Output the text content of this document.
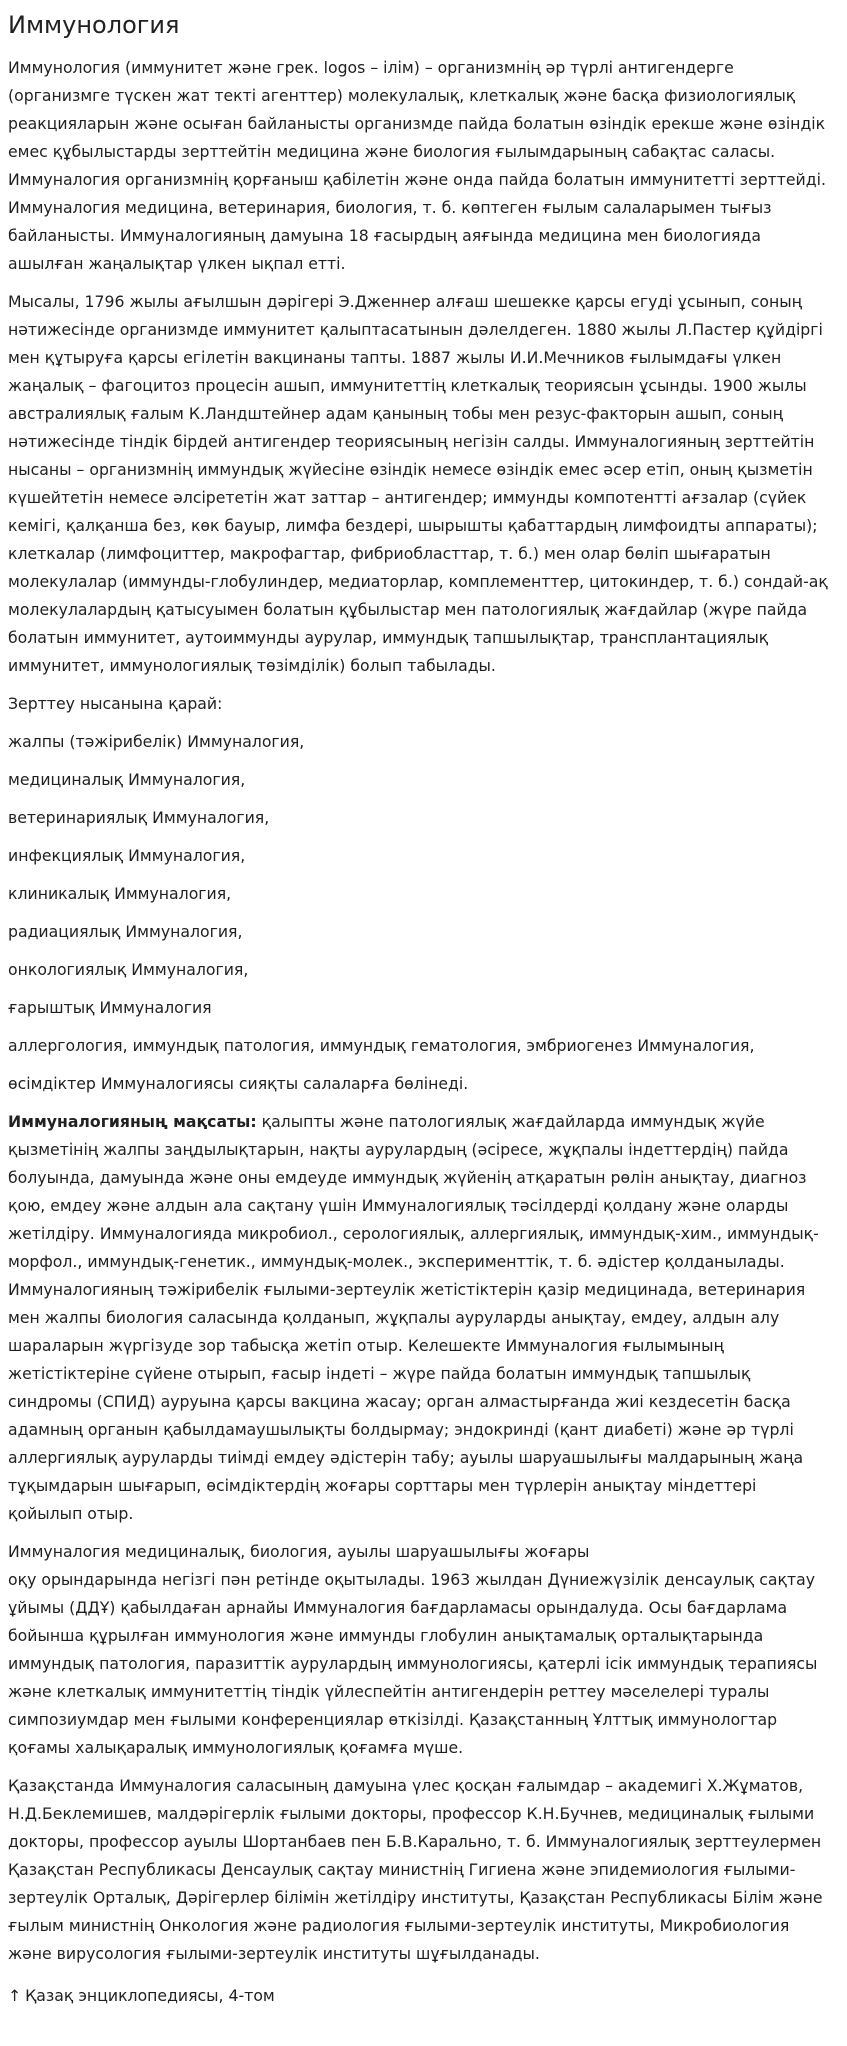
Иммунология

Иммунология (иммунитет және грек. logos – ілім) – организмнің әр түрлі антигендерге (организмге түскен жат текті агенттер) молекулалық, клеткалық және басқа физиологиялық реакцияларын және осыған байланысты организмде пайда болатын өзіндік ерекше және өзіндік емес құбылыстарды зерттейтін медицина және биология ғылымдарының сабақтас саласы. Иммуналогия организмнің қорғаныш қабілетін және онда пайда болатын иммунитетті зерттейді. Иммуналогия медицина, ветеринария, биология, т. б. көптеген ғылым салаларымен тығыз байланысты. Иммуналогияның дамуына 18 ғасырдың аяғында медицина мен биологияда ашылған жаңалықтар үлкен ықпал етті.

Мысалы, 1796 жылы ағылшын дәрігері Э.Дженнер алғаш шешекке қарсы егуді ұсынып, соның нәтижесінде организмде иммунитет қалыптасатынын дәлелдеген. 1880 жылы Л.Пастер құйдіргі мен құтыруға қарсы егілетін вакцинаны тапты. 1887 жылы И.И.Мечников ғылымдағы үлкен жаңалық – фагоцитоз процесін ашып, иммунитеттің клеткалық теориясын ұсынды. 1900 жылы австралиялық ғалым К.Ландштейнер адам қанының тобы мен резус-факторын ашып, соның нәтижесінде тіндік бірдей антигендер теориясының негізін салды. Иммуналогияның зерттейтін нысаны – организмнің иммундық жүйесіне өзіндік немесе өзіндік емес әсер етіп, оның қызметін күшейтетін немесе әлсірететін жат заттар – антигендер; иммунды компотентті ағзалар (сүйек кемігі, қалқанша без, көк бауыр, лимфа бездері, шырышты қабаттардың лимфоидты аппараты); клеткалар (лимфоциттер, макрофагтар, фибриобласттар, т. б.) мен олар бөліп шығаратын молекулалар (иммунды-глобулиндер, медиаторлар, комплементтер, цитокиндер, т. б.) сондай-ақ молекулалардың қатысуымен болатын құбылыстар мен патологиялық жағдайлар (жүре пайда болатын иммунитет, аутоиммунды аурулар, иммундық тапшылықтар, трансплантациялық иммунитет, иммунологиялық төзімділік) болып табылады.

Зерттеу нысанына қарай:

жалпы (тәжірибелік) Иммуналогия,

медициналық Иммуналогия,

ветеринариялық Иммуналогия,

инфекциялық Иммуналогия,

клиникалық Иммуналогия,

радиациялық Иммуналогия,

онкологиялық Иммуналогия,

ғарыштық Иммуналогия

аллергология, иммундық патология, иммундық гематология, эмбриогенез Иммуналогия,

өсімдіктер Иммуналогиясы сияқты салаларға бөлінеді.

Иммуналогияның мақсаты: қалыпты және патологиялық жағдайларда иммундық жүйе қызметінің жалпы заңдылықтарын, нақты аурулардың (әсіресе, жұқпалы індеттердің) пайда болуында, дамуында және оны емдеуде иммундық жүйенің атқаратын рөлін анықтау, диагноз қою, емдеу және алдын ала сақтану үшін Иммуналогиялық тәсілдерді қолдану және оларды жетілдіру. Иммуналогияда микробиол., серологиялық, аллергиялық, иммундық-хим., иммундық-морфол., иммундық-генетик., иммундық-молек., эксперименттік, т. б. әдістер қолданылады. Иммуналогияның тәжірибелік ғылыми-зертеулік жетістіктерін қазір медицинада, ветеринария мен жалпы биология саласында қолданып, жұқпалы ауруларды анықтау, емдеу, алдын алу шараларын жүргізуде зор табысқа жетіп отыр. Келешекте Иммуналогия ғылымының жетістіктеріне сүйене отырып, ғасыр індеті – жүре пайда болатын иммундық тапшылық синдромы (СПИД) ауруына қарсы вакцина жасау; орган алмастырғанда жиі кездесетін басқа адамның органын қабылдамаушылықты болдырмау; эндокринді (қант диабеті) және әр түрлі аллергиялық ауруларды тиімді емдеу әдістерін табу; ауылы шаруашылығы малдарының жаңа тұқымдарын шығарып, өсімдіктердің жоғары сорттары мен түрлерін анықтау міндеттері қойылып отыр.

Иммуналогия медициналық, биология, ауылы шаруашылығы жоғары
оқу орындарында негізгі пән ретінде оқытылады. 1963 жылдан Дүниежүзілік денсаулық сақтау ұйымы (ДДҰ) қабылдаған арнайы Иммуналогия бағдарламасы орындалуда. Осы бағдарлама бойынша құрылған иммунология және иммунды глобулин анықтамалық орталықтарында иммундық патология, паразиттік аурулардың иммунологиясы, қатерлі ісік иммундық терапиясы және клеткалық иммунитеттің тіндік үйлеспейтін антигендерін реттеу мәселелері туралы симпозиумдар мен ғылыми конференциялар өткізілді. Қазақстанның Ұлттық иммунологтар қоғамы халықаралық иммунологиялық қоғамға мүше.

Қазақстанда Иммуналогия саласының дамуына үлес қосқан ғалымдар – академигі Х.Жұматов, Н.Д.Беклемишев, малдәрігерлік ғылыми докторы, профессор К.Н.Бучнев, медициналық ғылыми докторы, профессор ауылы Шортанбаев пен Б.В.Карально, т. б. Иммуналогиялық зерттеулермен Қазақстан Республикасы Денсаулық сақтау министнің Гигиена және эпидемиология ғылыми-зертеулік Орталық, Дәрігерлер білімін жетілдіру институты, Қазақстан Республикасы Білім және ғылым министнің Онкология және радиология ғылыми-зертеулік институты, Микробиология және вирусология ғылыми-зертеулік институты шұғылданады.

↑ Қазақ энциклопедиясы, 4-том
